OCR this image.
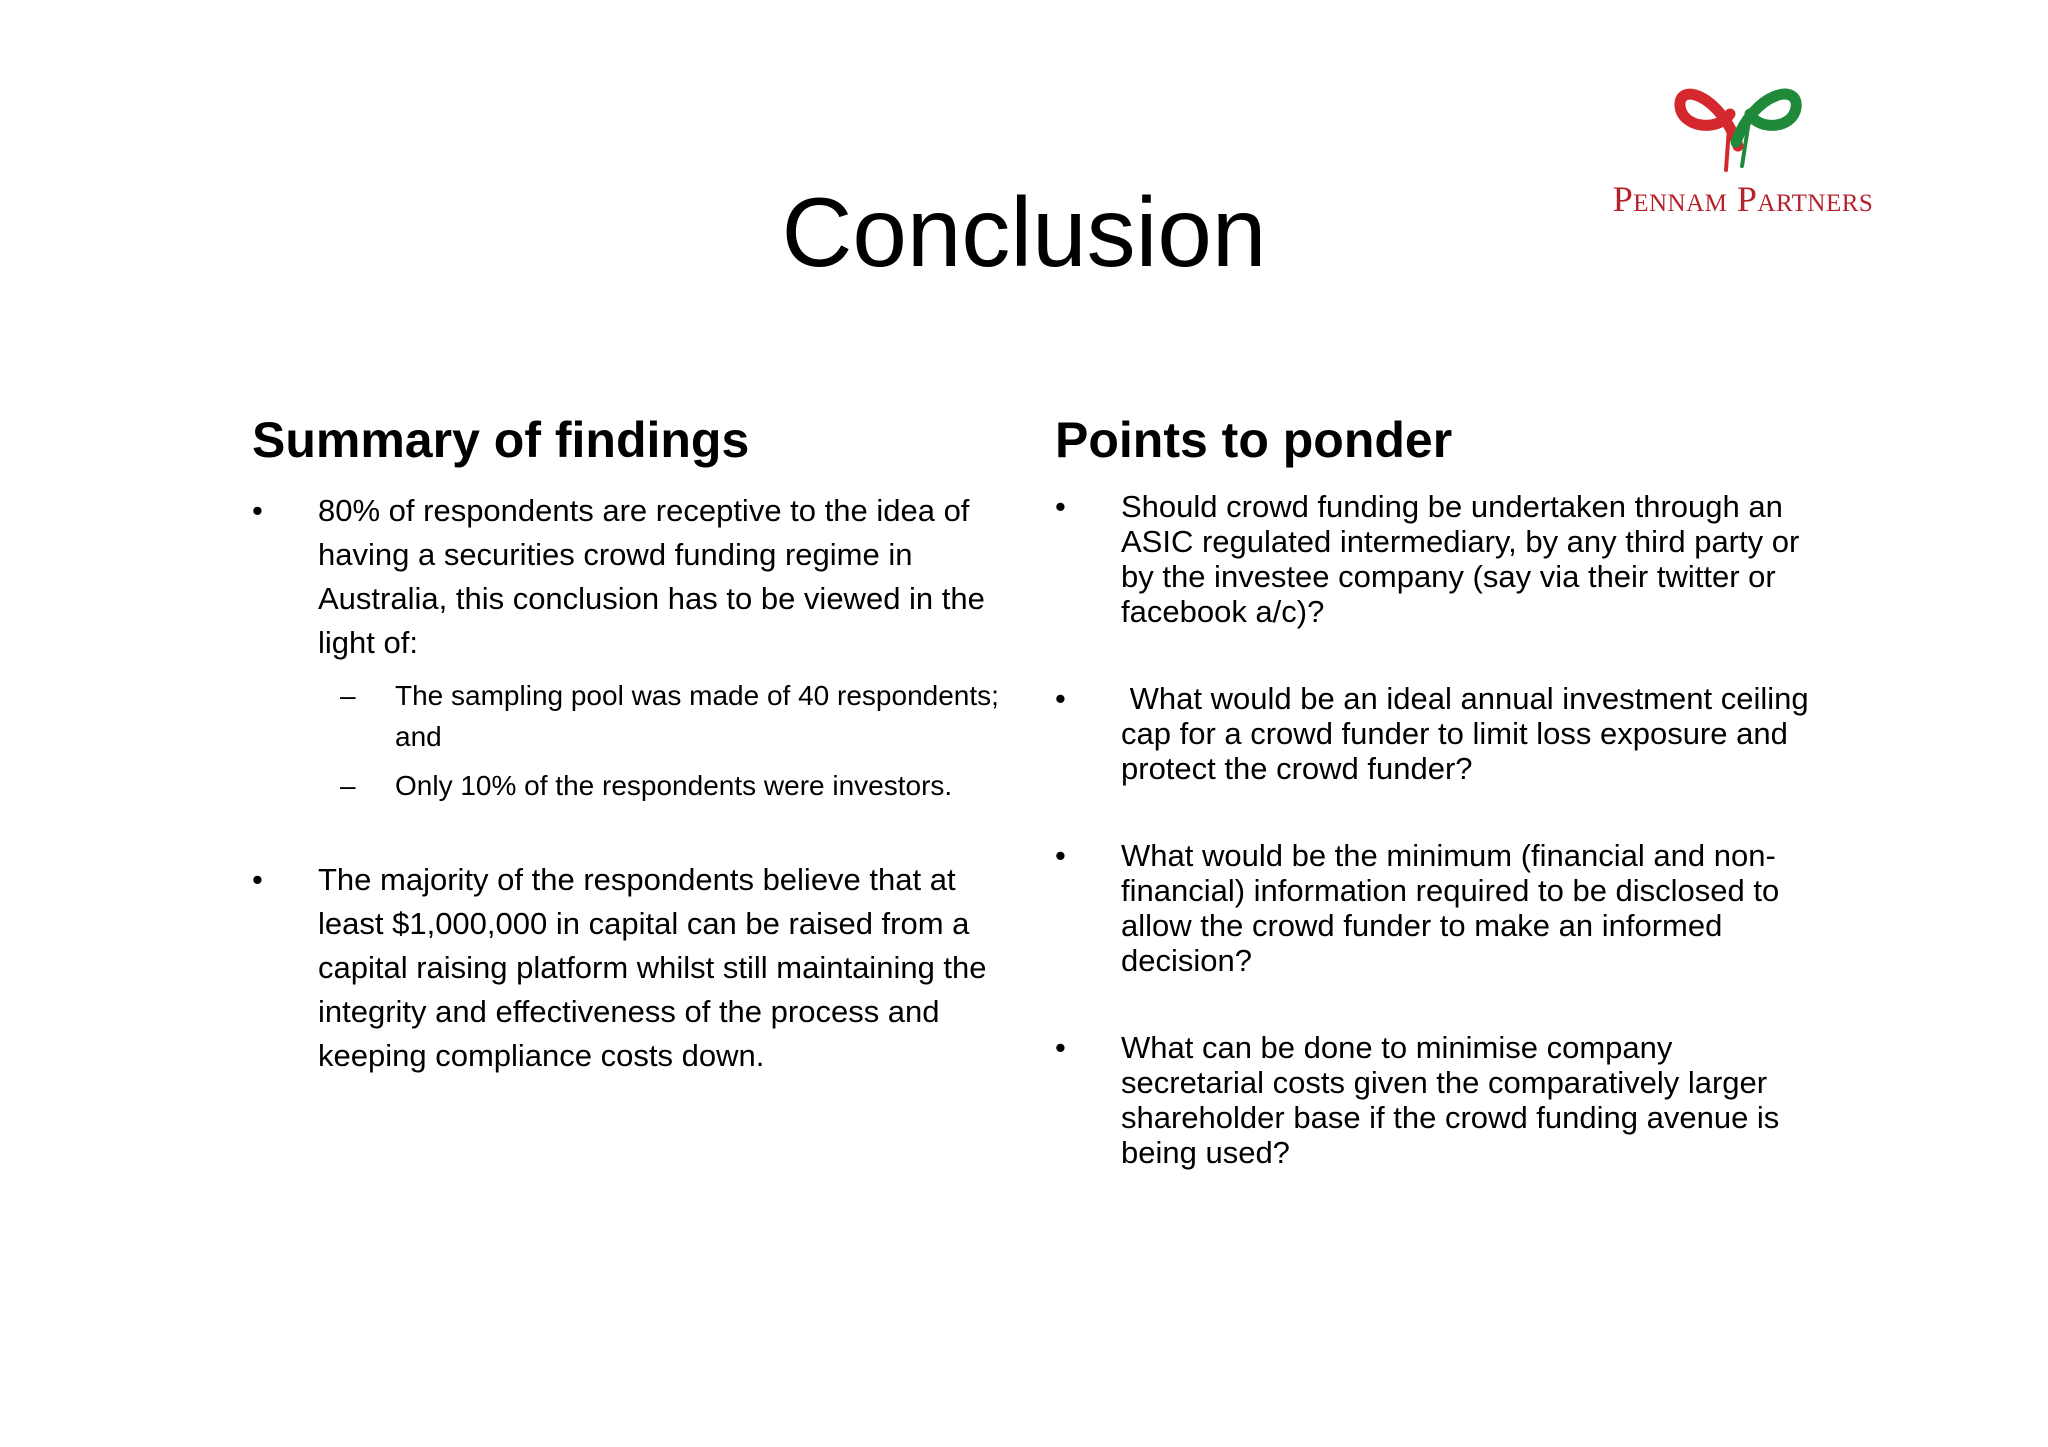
Pennam Partners
Conclusion
Summary of findings
• 80% of respondents are receptive to the idea of having a securities crowd funding regime in Australia, this conclusion has to be viewed in the light of:
– The sampling pool was made of 40 respondents; and
– Only 10% of the respondents were investors.
• The majority of the respondents believe that at least $1,000,000 in capital can be raised from a capital raising platform whilst still maintaining the integrity and effectiveness of the process and keeping compliance costs down.
Points to ponder
• Should crowd funding be undertaken through an ASIC regulated intermediary, by any third party or by the investee company (say via their twitter or facebook a/c)?
• What would be an ideal annual investment ceiling cap for a crowd funder to limit loss exposure and protect the crowd funder?
• What would be the minimum (financial and non-financial) information required to be disclosed to allow the crowd funder to make an informed decision?
• What can be done to minimise company secretarial costs given the comparatively larger shareholder base if the crowd funding avenue is being used?
